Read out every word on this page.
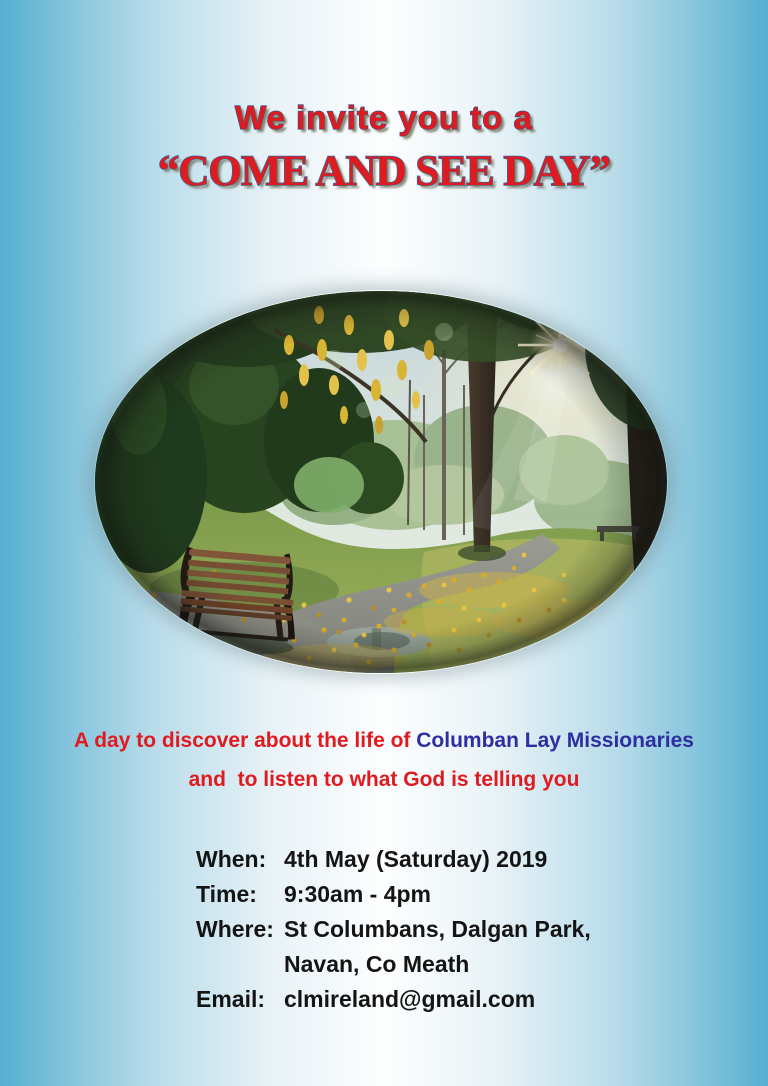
We invite you to a
“COME AND SEE DAY”
A day to discover about the life of Columban Lay Missionaries
and  to listen to what God is telling you
When: 4th May (Saturday) 2019
Time:	9:30am - 4pm
Where: St Columbans, Dalgan Park,
Navan, Co Meath
Email: clmireland@gmail.com
